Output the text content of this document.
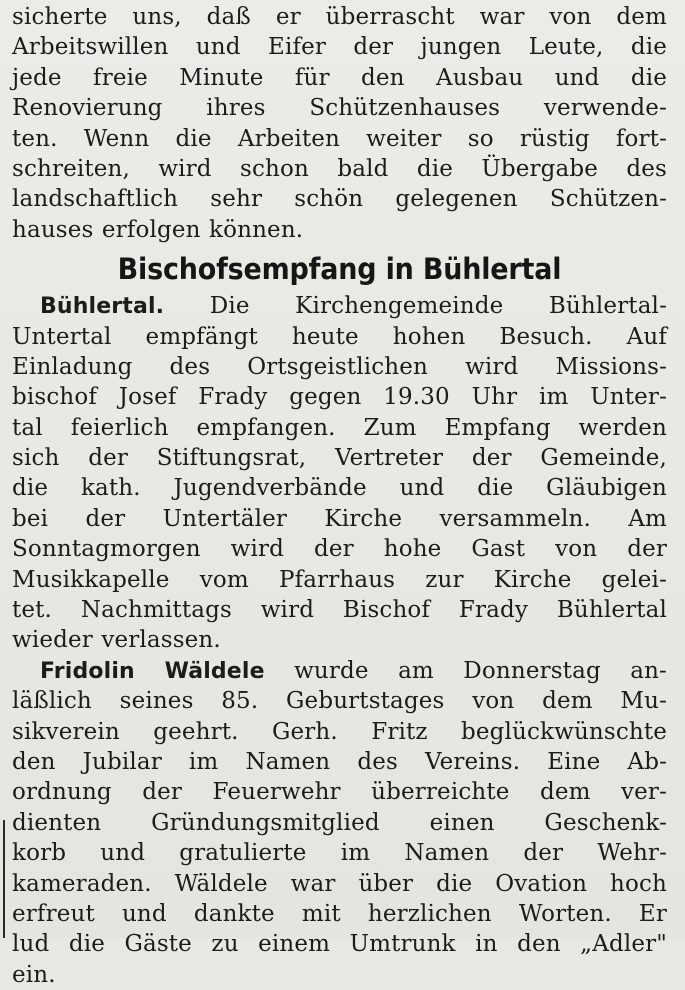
sicherte uns, daß er überrascht war von dem
Arbeitswillen und Eifer der jungen Leute, die
jede freie Minute für den Ausbau und die
Renovierung ihres Schützenhauses verwende-
ten. Wenn die Arbeiten weiter so rüstig fort-
schreiten, wird schon bald die Übergabe des
landschaftlich sehr schön gelegenen Schützen-
hauses erfolgen können.
Bischofsempfang in Bühlertal
Bühlertal. Die Kirchengemeinde Bühlertal-
Untertal empfängt heute hohen Besuch. Auf
Einladung des Ortsgeistlichen wird Missions-
bischof Josef Frady gegen 19.30 Uhr im Unter-
tal feierlich empfangen. Zum Empfang werden
sich der Stiftungsrat, Vertreter der Gemeinde,
die kath. Jugendverbände und die Gläubigen
bei der Untertäler Kirche versammeln. Am
Sonntagmorgen wird der hohe Gast von der
Musikkapelle vom Pfarrhaus zur Kirche gelei-
tet. Nachmittags wird Bischof Frady Bühlertal
wieder verlassen.
Fridolin Wäldele wurde am Donnerstag an-
läßlich seines 85. Geburtstages von dem Mu-
sikverein geehrt. Gerh. Fritz beglückwünschte
den Jubilar im Namen des Vereins. Eine Ab-
ordnung der Feuerwehr überreichte dem ver-
dienten Gründungsmitglied einen Geschenk-
korb und gratulierte im Namen der Wehr-
kameraden. Wäldele war über die Ovation hoch
erfreut und dankte mit herzlichen Worten. Er
lud die Gäste zu einem Umtrunk in den „Adler"
ein.
